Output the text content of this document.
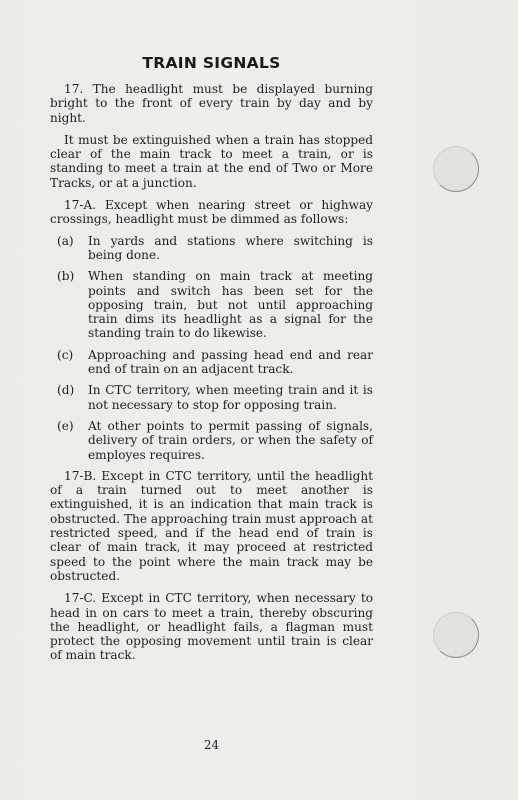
TRAIN SIGNALS

17. The headlight must be displayed burning bright to the front of every train by day and by night.

It must be extinguished when a train has stopped clear of the main track to meet a train, or is standing to meet a train at the end of Two or More Tracks, or at a junction.

17-A. Except when nearing street or highway crossings, headlight must be dimmed as follows:

(a)	In yards and stations where switching is being done.
(b)	When standing on main track at meeting points and switch has been set for the opposing train, but not until approaching train dims its headlight as a signal for the standing train to do likewise.
(c)	Approaching and passing head end and rear end of train on an adjacent track.
(d)	In CTC territory, when meeting train and it is not necessary to stop for opposing train.
(e)	At other points to permit passing of signals, delivery of train orders, or when the safety of employes requires.

17-B. Except in CTC territory, until the headlight of a train turned out to meet another is extinguished, it is an indication that main track is obstructed. The approaching train must approach at restricted speed, and if the head end of train is clear of main track, it may proceed at restricted speed to the point where the main track may be obstructed.

17-C. Except in CTC territory, when necessary to head in on cars to meet a train, thereby obscuring the headlight, or headlight fails, a flagman must protect the opposing movement until train is clear of main track.

24
